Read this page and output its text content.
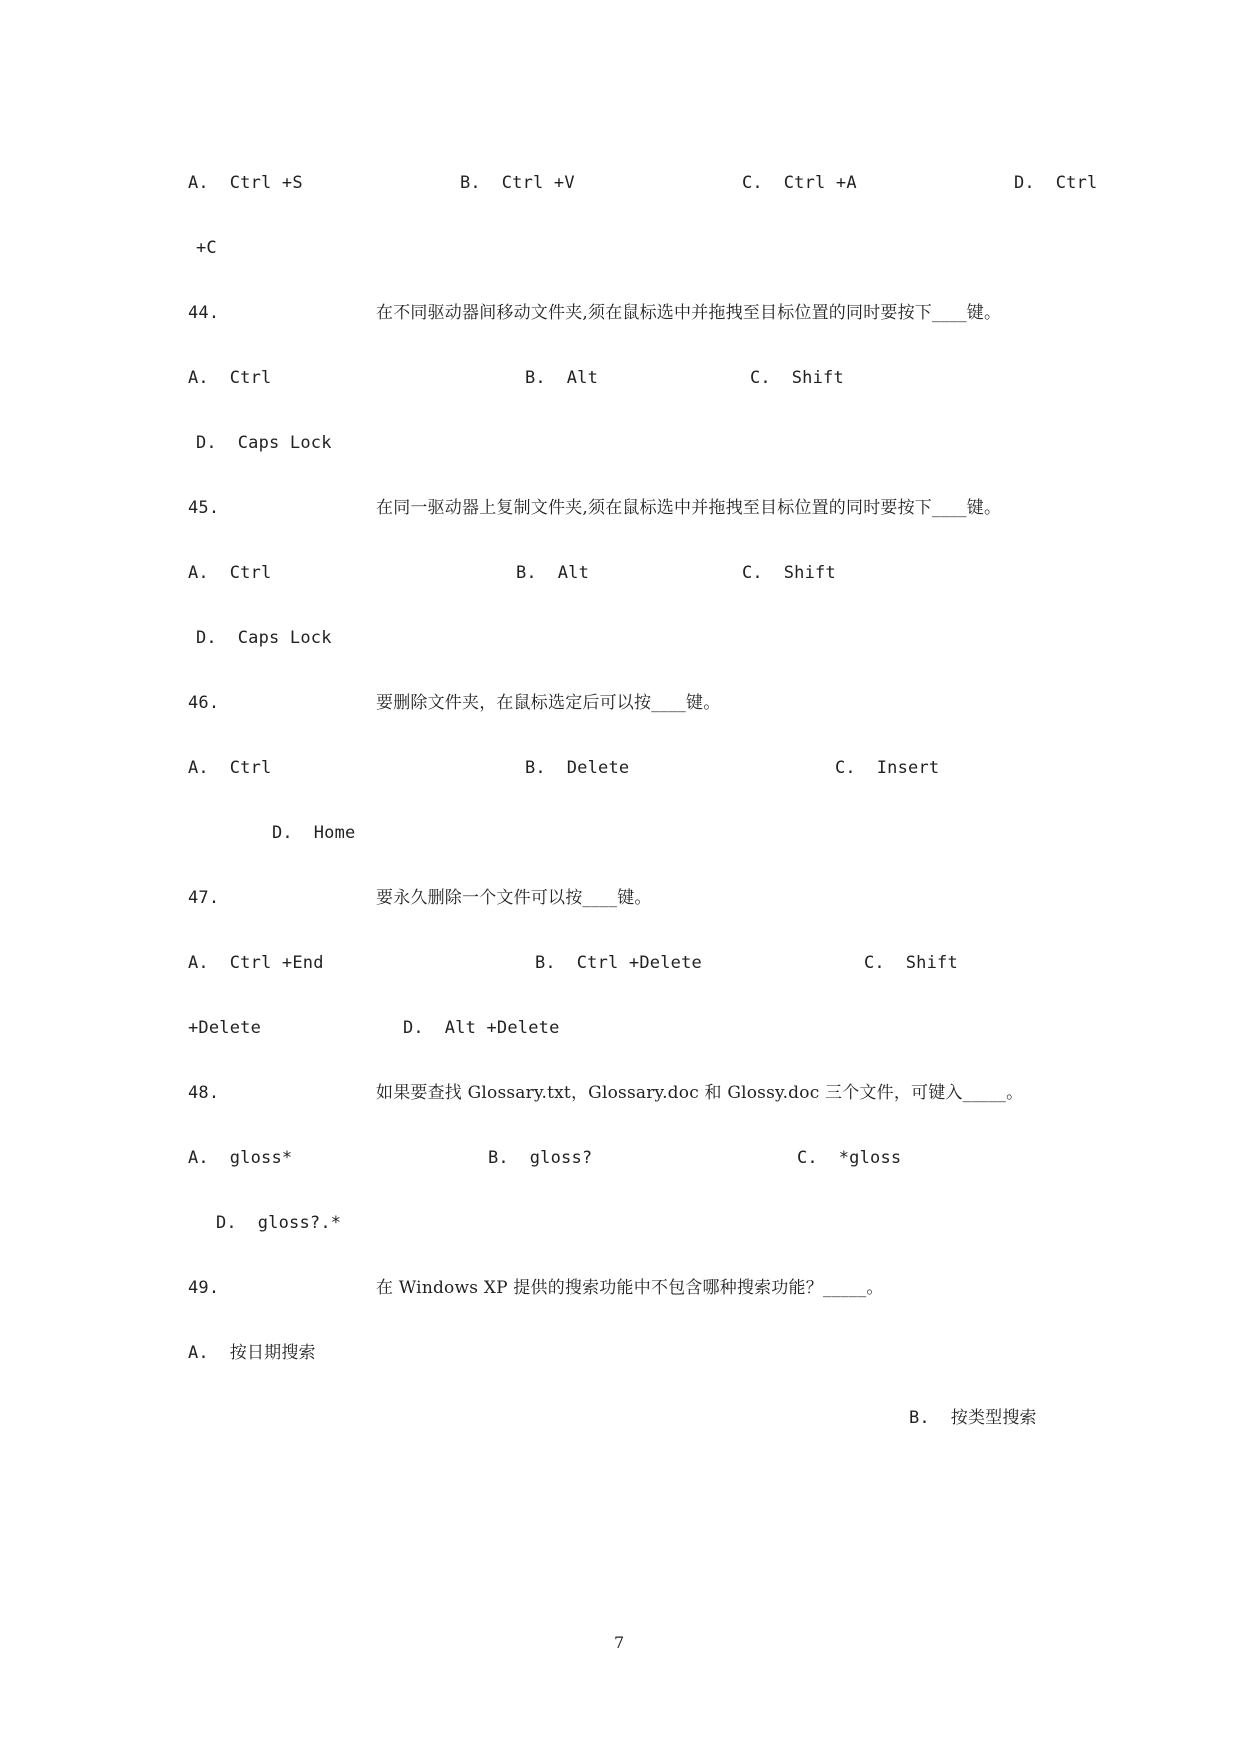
A.  Ctrl +S	B.  Ctrl +V	C.  Ctrl +A	D.  Ctrl
+C
44.	在不同驱动器间移动文件夹,须在鼠标选中并拖拽至目标位置的同时要按下____键。
A.  Ctrl	B.  Alt	C.  Shift
D.  Caps Lock
45.	在同一驱动器上复制文件夹,须在鼠标选中并拖拽至目标位置的同时要按下____键。
A.  Ctrl	B.  Alt	C.  Shift
D.  Caps Lock
46.	要删除文件夹，在鼠标选定后可以按____键。
A.  Ctrl	B.  Delete	C.  Insert
D.  Home
47.	要永久删除一个文件可以按____键。
A.  Ctrl +End	B.  Ctrl +Delete	C.  Shift
+Delete	D.  Alt +Delete
48.	如果要查找 Glossary.txt，Glossary.doc 和 Glossy.doc 三个文件，可键入_____。
A.  gloss*	B.  gloss?	C.  *gloss
D.  gloss?.*
49.	在 Windows XP 提供的搜索功能中不包含哪种搜索功能？_____。
A.  按日期搜索
B.  按类型搜索
7
